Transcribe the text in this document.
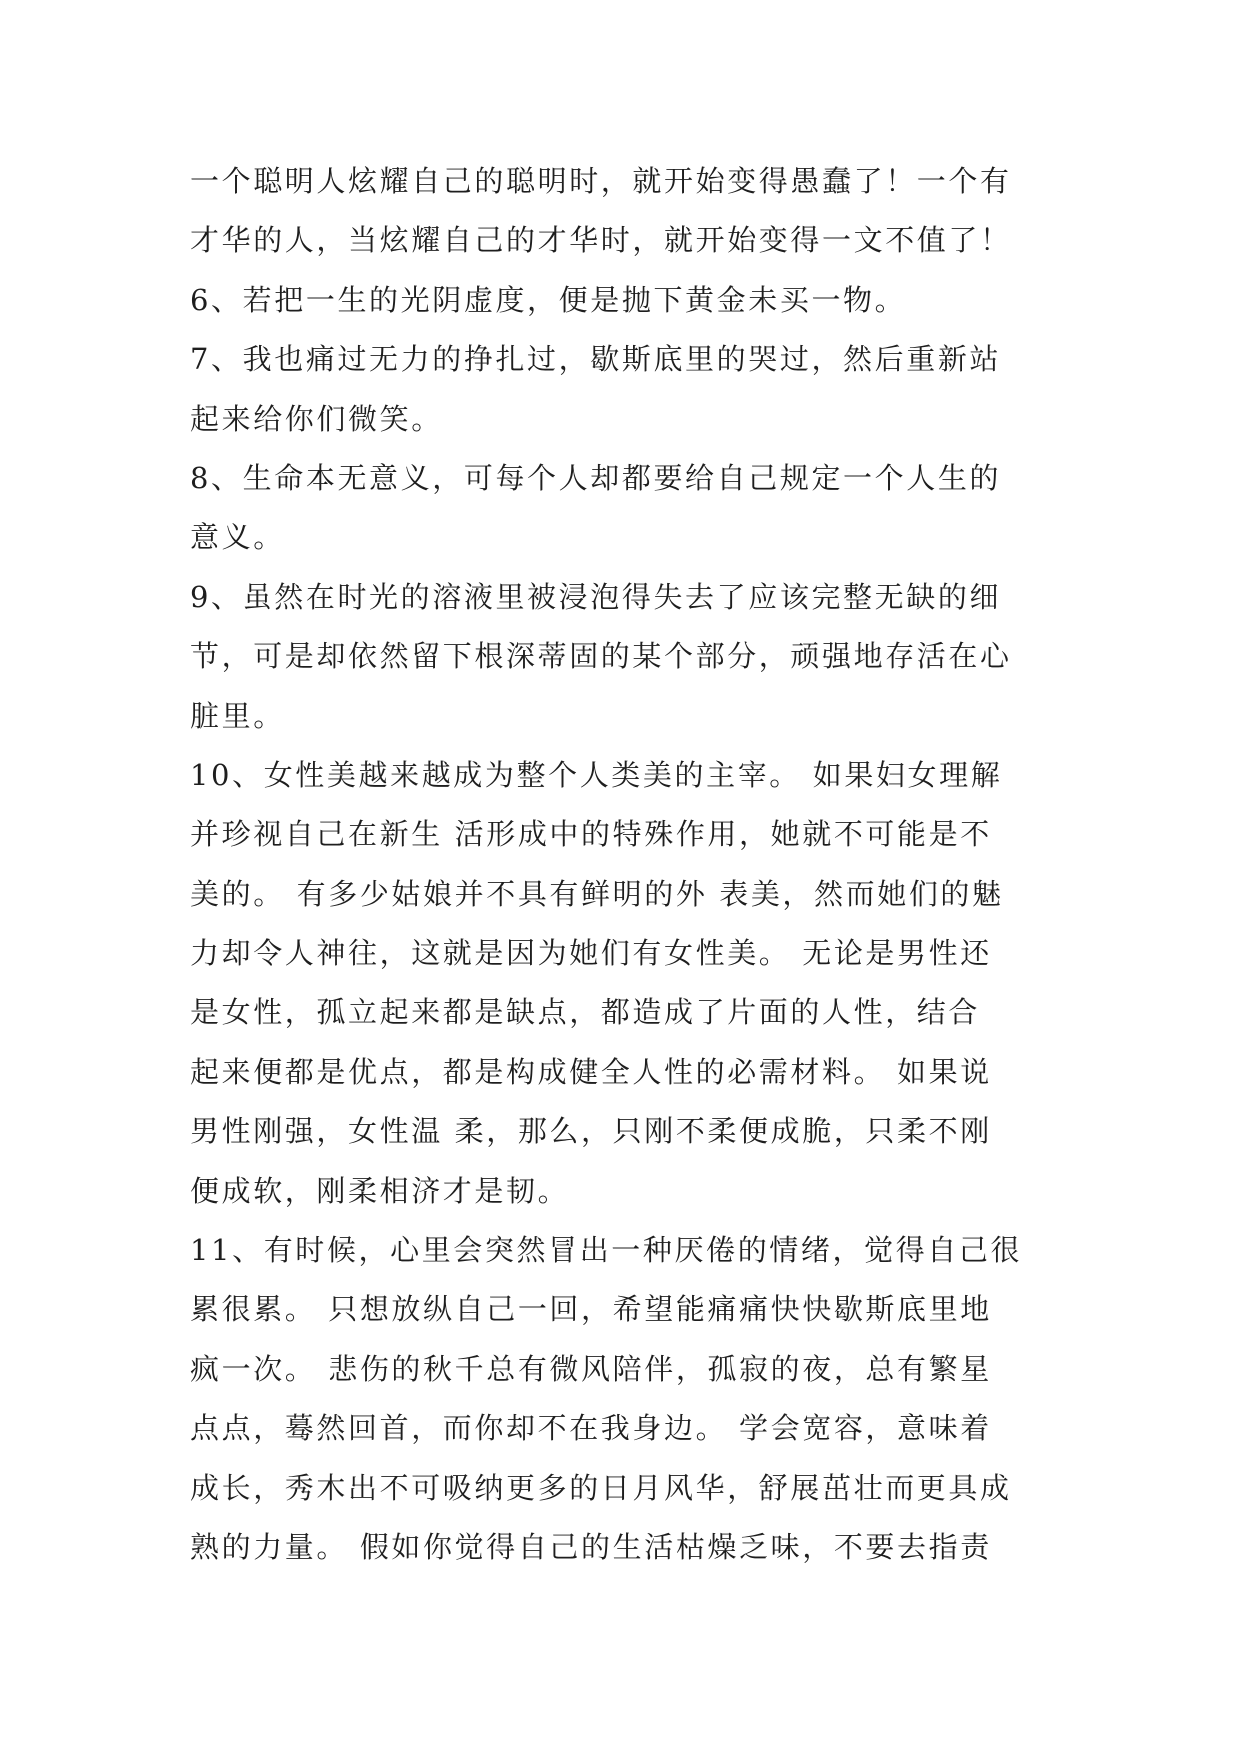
一个聪明人炫耀自己的聪明时，就开始变得愚蠢了！一个有
才华的人，当炫耀自己的才华时，就开始变得一文不值了！
6、若把一生的光阴虚度，便是抛下黄金未买一物。
7、我也痛过无力的挣扎过，歇斯底里的哭过，然后重新站
起来给你们微笑。
8、生命本无意义，可每个人却都要给自己规定一个人生的
意义。
9、虽然在时光的溶液里被浸泡得失去了应该完整无缺的细
节，可是却依然留下根深蒂固的某个部分，顽强地存活在心
脏里。
10、女性美越来越成为整个人类美的主宰。 如果妇女理解
并珍视自己在新生 活形成中的特殊作用，她就不可能是不
美的。 有多少姑娘并不具有鲜明的外 表美，然而她们的魅
力却令人神往，这就是因为她们有女性美。 无论是男性还
是女性，孤立起来都是缺点，都造成了片面的人性，结合
起来便都是优点，都是构成健全人性的必需材料。 如果说
男性刚强，女性温 柔，那么，只刚不柔便成脆，只柔不刚
便成软，刚柔相济才是韧。
11、有时候，心里会突然冒出一种厌倦的情绪，觉得自己很
累很累。 只想放纵自己一回，希望能痛痛快快歇斯底里地
疯一次。 悲伤的秋千总有微风陪伴，孤寂的夜，总有繁星
点点，蓦然回首，而你却不在我身边。 学会宽容，意味着
成长，秀木出不可吸纳更多的日月风华，舒展茁壮而更具成
熟的力量。 假如你觉得自己的生活枯燥乏味，不要去指责
